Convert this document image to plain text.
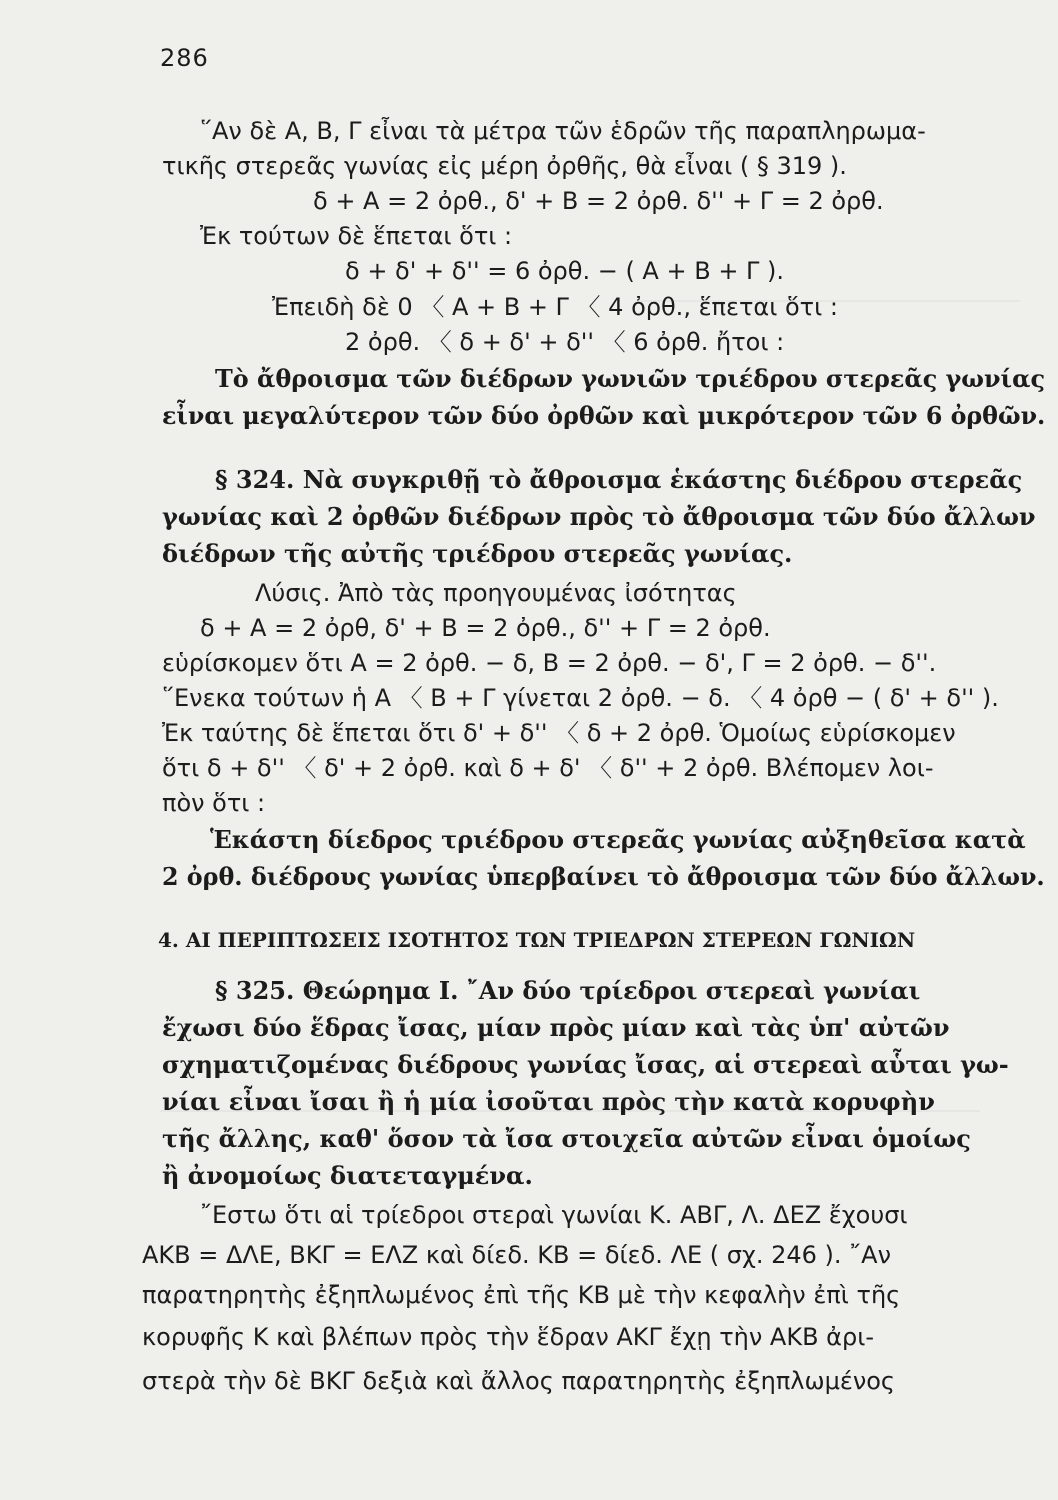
286
῞Αν δὲ Α, Β, Γ εἶναι τὰ μέτρα τῶν ἑδρῶν τῆς παραπληρωμα-
τικῆς στερεᾶς γωνίας εἰς μέρη ὀρθῆς, θὰ εἶναι ( § 319 ).
δ + Α = 2 ὀρθ., δ' + Β = 2 ὀρθ. δ'' + Γ = 2 ὀρθ.
Ἐκ τούτων δὲ ἕπεται ὅτι :
δ + δ' + δ'' = 6 ὀρθ. − ( Α + Β + Γ ).
Ἐπειδὴ δὲ 0 〈 Α + Β + Γ 〈 4 ὀρθ., ἕπεται ὅτι :
2 ὀρθ. 〈 δ + δ' + δ'' 〈 6 ὀρθ. ἤτοι :
Τὸ ἄθροισμα τῶν διέδρων γωνιῶν τριέδρου στερεᾶς γωνίας
εἶναι μεγαλύτερον τῶν δύο ὀρθῶν καὶ μικρότερον τῶν 6 ὀρθῶν.
§ 324. Νὰ συγκριθῇ τὸ ἄθροισμα ἑκάστης διέδρου στερεᾶς
γωνίας καὶ 2 ὀρθῶν διέδρων πρὸς τὸ ἄθροισμα τῶν δύο ἄλλων
διέδρων τῆς αὐτῆς τριέδρου στερεᾶς γωνίας.
Λύσις. Ἀπὸ τὰς προηγουμένας ἰσότητας
δ + Α = 2 ὀρθ, δ' + Β = 2 ὀρθ., δ'' + Γ = 2 ὀρθ.
εὑρίσκομεν ὅτι Α = 2 ὀρθ. − δ, Β = 2 ὀρθ. − δ', Γ = 2 ὀρθ. − δ''.
῞Ενεκα τούτων ἡ Α 〈 Β + Γ γίνεται 2 ὀρθ. − δ. 〈 4 ὀρθ − ( δ' + δ'' ).
Ἐκ ταύτης δὲ ἕπεται ὅτι δ' + δ'' 〈 δ + 2 ὀρθ. Ὁμοίως εὑρίσκομεν
ὅτι δ + δ'' 〈 δ' + 2 ὀρθ. καὶ δ + δ' 〈 δ'' + 2 ὀρθ. Βλέπομεν λοι-
πὸν ὅτι :
Ἑκάστη δίεδρος τριέδρου στερεᾶς γωνίας αὐξηθεῖσα κατὰ
2 ὀρθ. διέδρους γωνίας ὑπερβαίνει τὸ ἄθροισμα τῶν δύο ἄλλων.
4. ΑΙ ΠΕΡΙΠΤΩΣΕΙΣ ΙΣΟΤΗΤΟΣ ΤΩΝ ΤΡΙΕΔΡΩΝ ΣΤΕΡΕΩΝ ΓΩΝΙΩΝ
§ 325. Θεώρημα Ι. ῎Αν δύο τρίεδροι στερεαὶ γωνίαι
ἔχωσι δύο ἕδρας ἴσας, μίαν πρὸς μίαν καὶ τὰς ὑπ' αὐτῶν
σχηματιζομένας διέδρους γωνίας ἴσας, αἱ στερεαὶ αὗται γω-
νίαι εἶναι ἴσαι ἢ ἡ μία ἰσοῦται πρὸς τὴν κατὰ κορυφὴν
τῆς ἄλλης, καθ' ὅσον τὰ ἴσα στοιχεῖα αὐτῶν εἶναι ὁμοίως
ἢ ἀνομοίως διατεταγμένα.
῎Εστω ὅτι αἱ τρίεδροι στεραὶ γωνίαι Κ. ΑΒΓ, Λ. ΔΕΖ ἔχουσι
ΑΚΒ = ΔΛΕ, ΒΚΓ = ΕΛΖ καὶ δίεδ. ΚΒ = δίεδ. ΛΕ ( σχ. 246 ). ῎Αν
παρατηρητὴς ἐξηπλωμένος ἐπὶ τῆς ΚΒ μὲ τὴν κεφαλὴν ἐπὶ τῆς
κορυφῆς Κ καὶ βλέπων πρὸς τὴν ἕδραν ΑΚΓ ἔχῃ τὴν ΑΚΒ ἀρι-
στερὰ τὴν δὲ ΒΚΓ δεξιὰ καὶ ἄλλος παρατηρητὴς ἐξηπλωμένος
